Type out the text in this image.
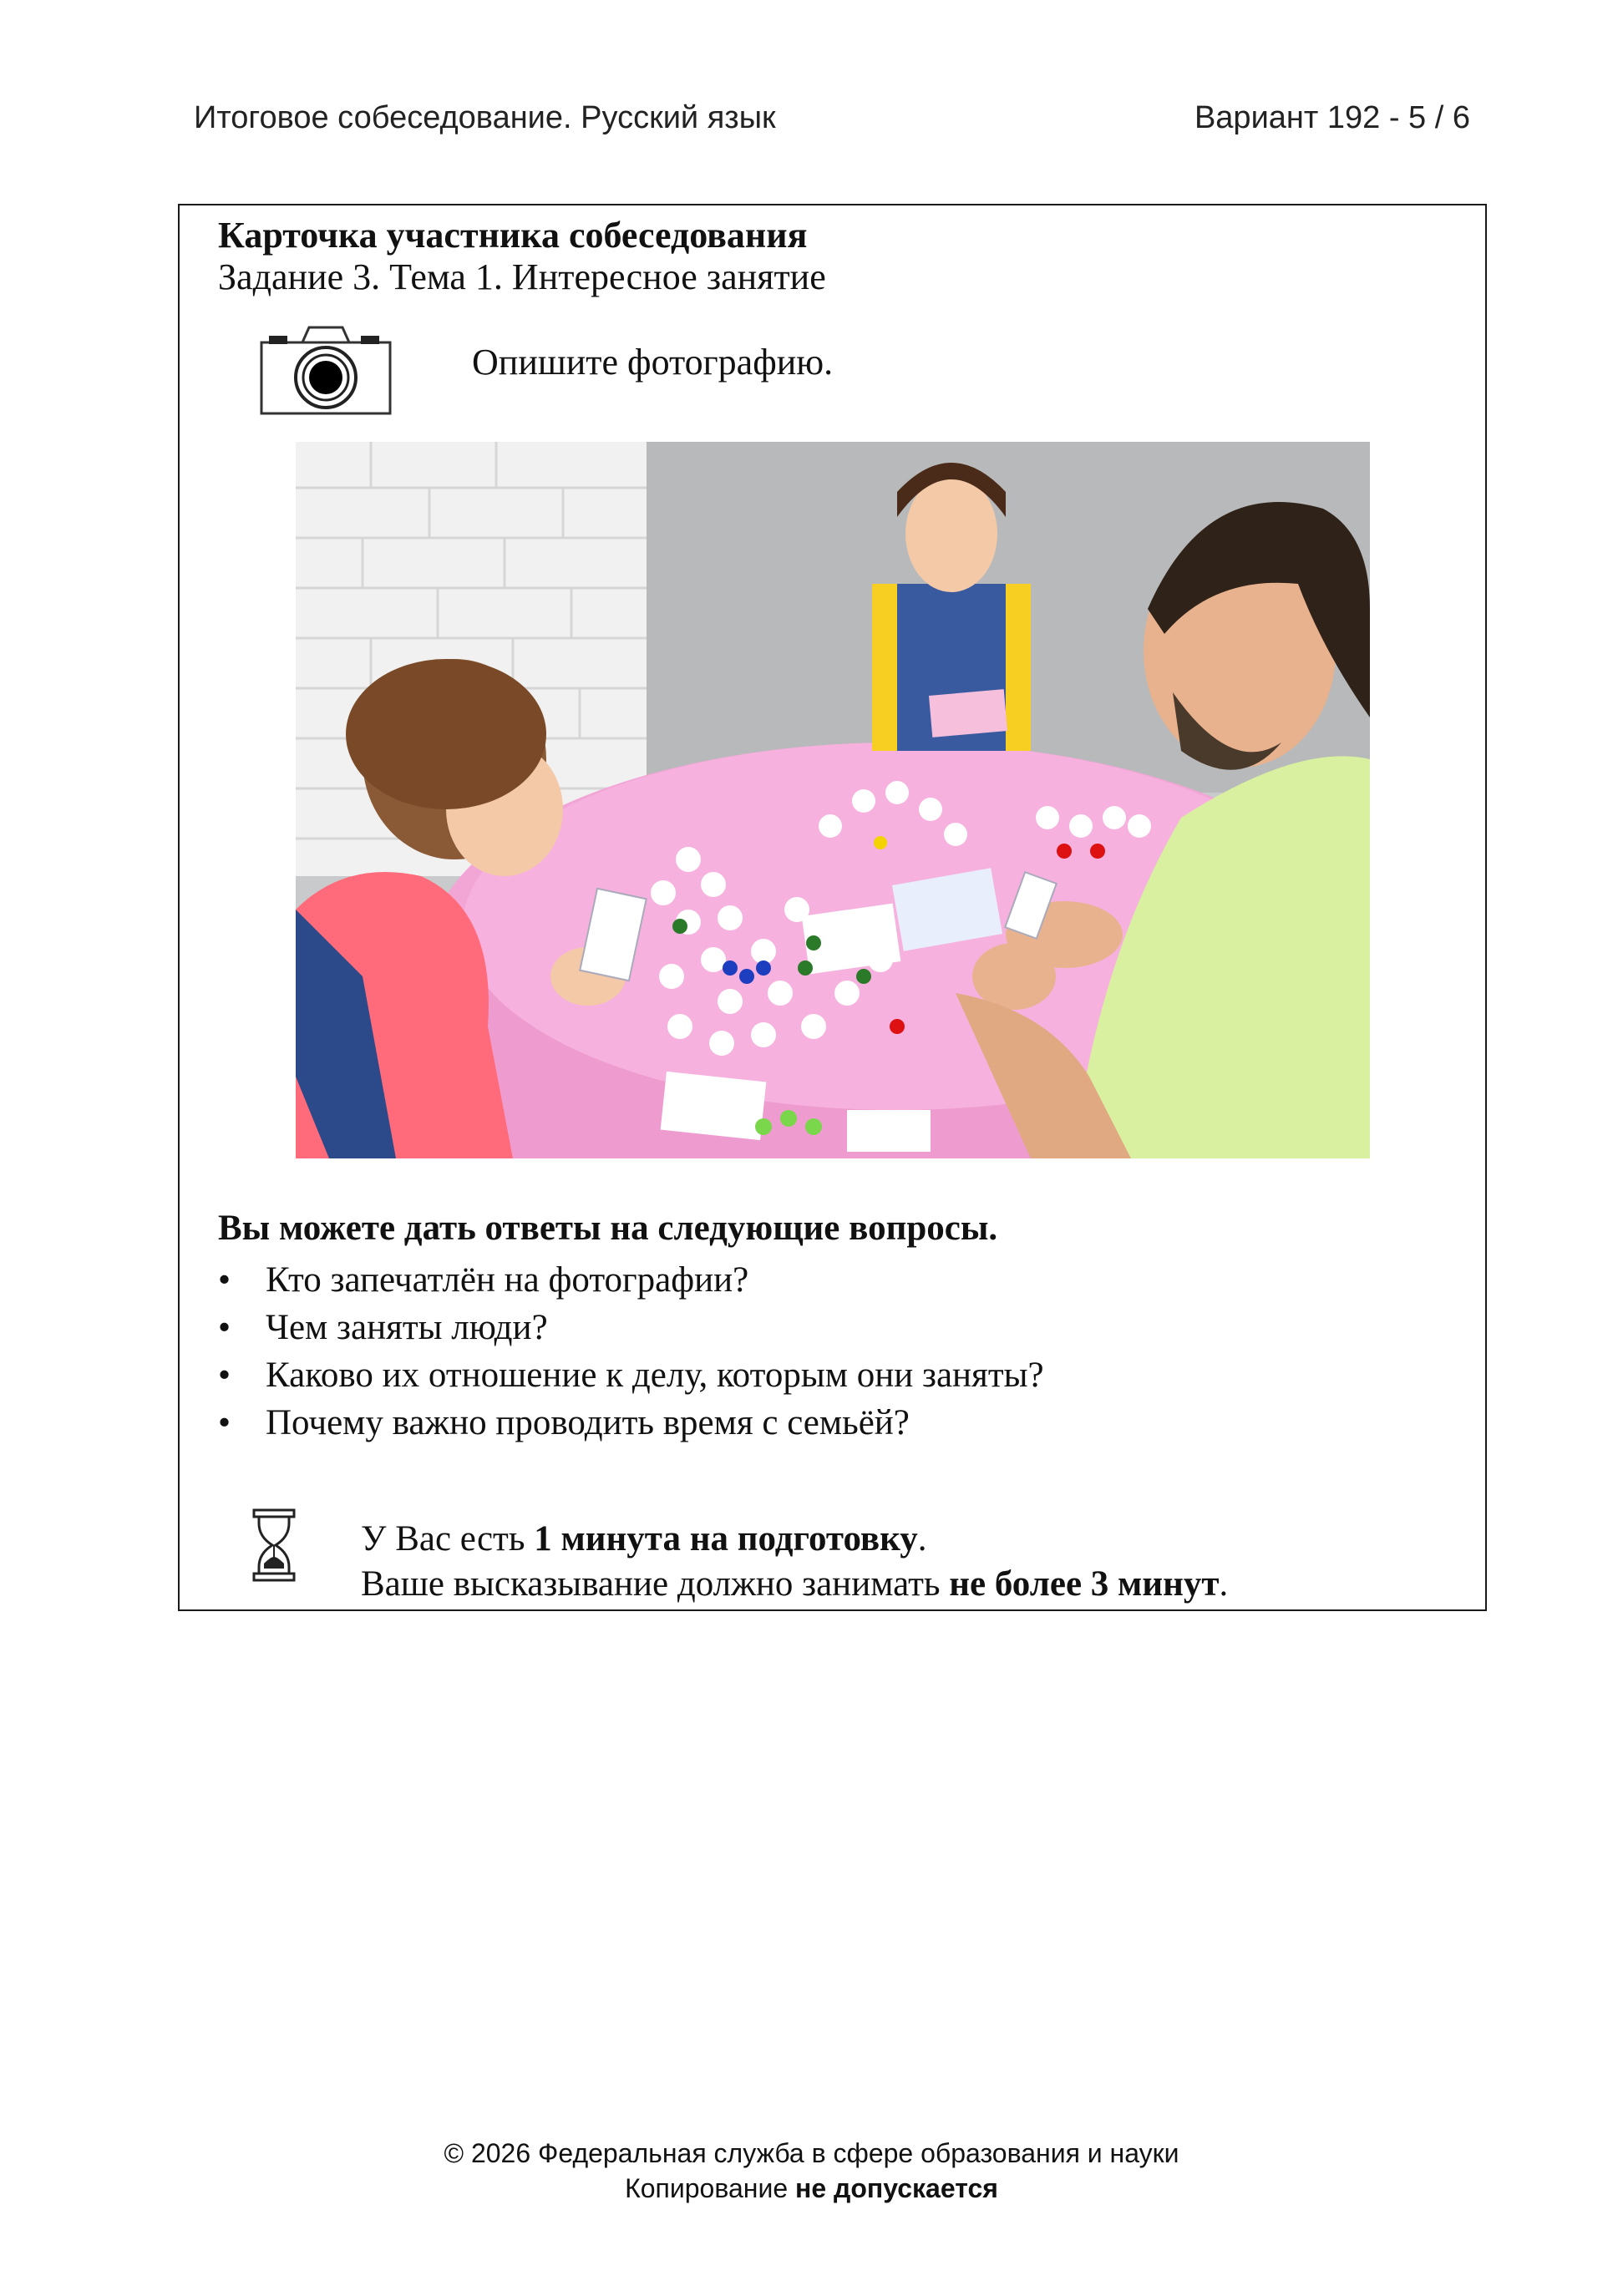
Итоговое собеседование. Русский язык	Вариант 192 - 5 / 6
Карточка участника собеседования
Задание 3. Тема 1. Интересное занятие
Опишите фотографию.
Вы можете дать ответы на следующие вопросы.
• Кто запечатлён на фотографии?
• Чем заняты люди?
• Каково их отношение к делу, которым они заняты?
• Почему важно проводить время с семьёй?
У Вас есть 1 минута на подготовку.
Ваше высказывание должно занимать не более 3 минут.
© 2026 Федеральная служба в сфере образования и науки
Копирование не допускается
